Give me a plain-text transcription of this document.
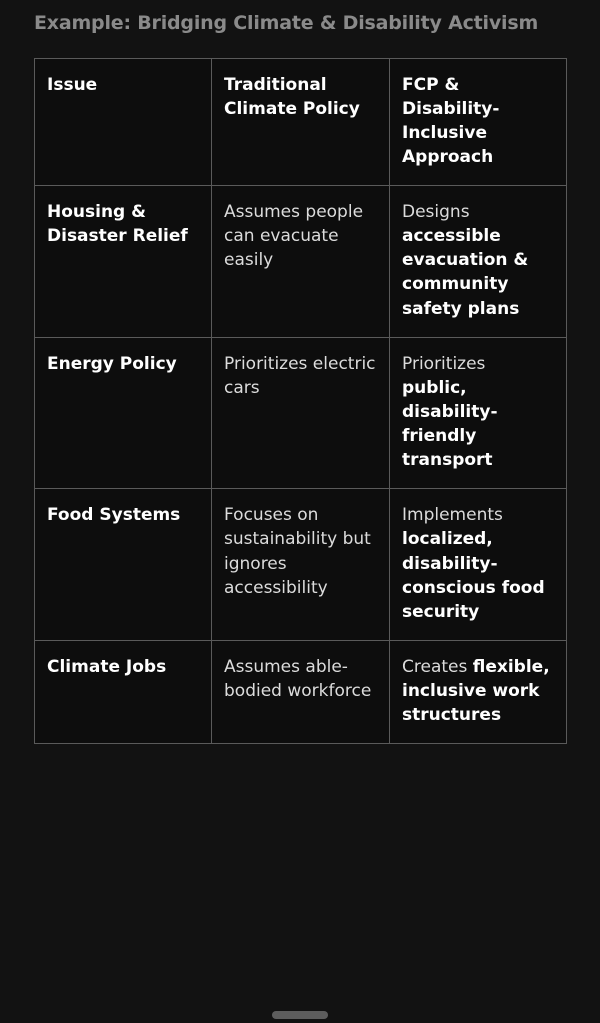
Example: Bridging Climate & Disability Activism
Issue	Traditional Climate Policy	FCP & Disability-Inclusive Approach
Housing & Disaster Relief	Assumes people can evacuate easily	Designs accessible evacuation & community safety plans
Energy Policy	Prioritizes electric cars	Prioritizes public, disability-friendly transport
Food Systems	Focuses on sustainability but ignores accessibility	Implements localized, disability-conscious food security
Climate Jobs	Assumes able-bodied workforce	Creates flexible, inclusive work structures
